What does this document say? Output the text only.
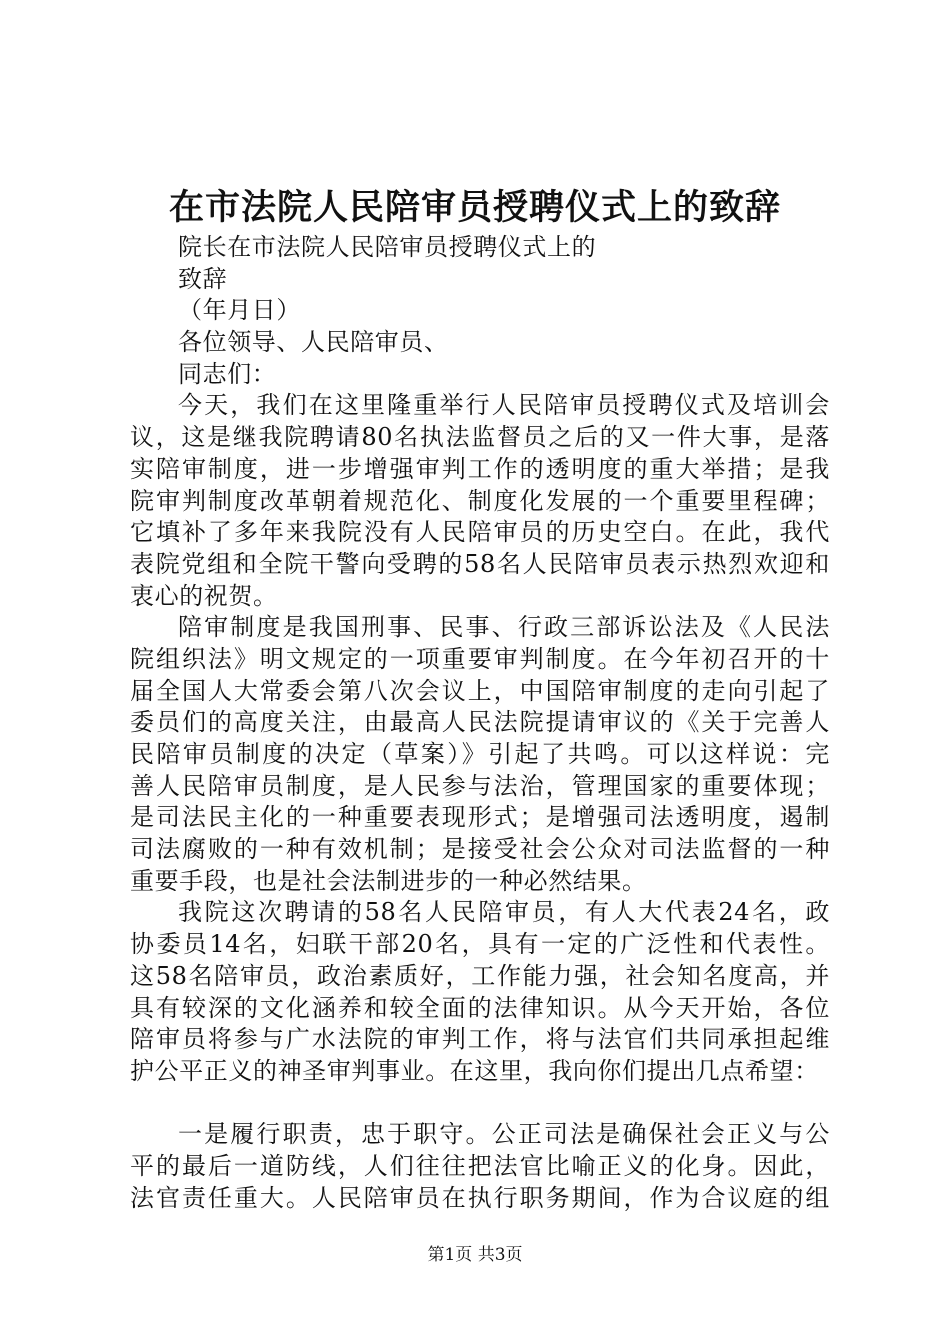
在市法院人民陪审员授聘仪式上的致辞
院长在市法院人民陪审员授聘仪式上的
致辞
（年月日）
各位领导、人民陪审员、
同志们：
今天，我们在这里隆重举行人民陪审员授聘仪式及培训会
议，这是继我院聘请80名执法监督员之后的又一件大事，是落
实陪审制度，进一步增强审判工作的透明度的重大举措；是我
院审判制度改革朝着规范化、制度化发展的一个重要里程碑；
它填补了多年来我院没有人民陪审员的历史空白。在此，我代
表院党组和全院干警向受聘的58名人民陪审员表示热烈欢迎和
衷心的祝贺。
陪审制度是我国刑事、民事、行政三部诉讼法及《人民法
院组织法》明文规定的一项重要审判制度。在今年初召开的十
届全国人大常委会第八次会议上，中国陪审制度的走向引起了
委员们的高度关注，由最高人民法院提请审议的《关于完善人
民陪审员制度的决定（草案）》引起了共鸣。可以这样说：完
善人民陪审员制度，是人民参与法治，管理国家的重要体现；
是司法民主化的一种重要表现形式；是增强司法透明度，遏制
司法腐败的一种有效机制；是接受社会公众对司法监督的一种
重要手段，也是社会法制进步的一种必然结果。
我院这次聘请的58名人民陪审员，有人大代表24名，政
协委员14名，妇联干部20名，具有一定的广泛性和代表性。
这58名陪审员，政治素质好，工作能力强，社会知名度高，并
具有较深的文化涵养和较全面的法律知识。从今天开始，各位
陪审员将参与广水法院的审判工作，将与法官们共同承担起维
护公平正义的神圣审判事业。在这里，我向你们提出几点希望：
一是履行职责，忠于职守。公正司法是确保社会正义与公
平的最后一道防线，人们往往把法官比喻正义的化身。因此，
法官责任重大。人民陪审员在执行职务期间，作为合议庭的组
第1页 共3页
